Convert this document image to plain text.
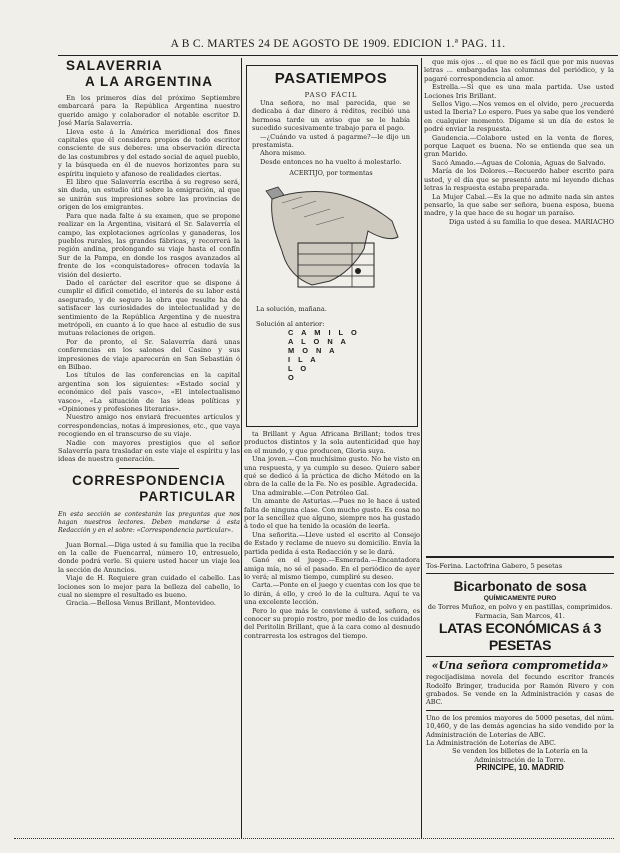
A B C. MARTES 24 DE AGOSTO DE 1909. EDICION 1.ª PAG. 11.
SALAVERRIA
A LA ARGENTINA

En los primeros días del próximo Septiembre embarcará para la República Argentina nuestro querido amigo y colaborador el notable escritor D. José María Salaverría.

Lleva este á la América meridional dos fines capitales que él considera propios de todo escritor consciente de sus deberes: una observación directa de las costumbres y del estado social de aquel pueblo, y la búsqueda en él de nuevos horizontes para su espíritu inquieto y afanoso de realidades ciertas.

El libro que Salaverría escriba á su regreso será, sin duda, un estudio útil sobre la emigración, al que se unirán sus impresiones sobre las provincias de origen de los emigrantes.

Para que nada falte á su examen, que se propone realizar en la Argentina, visitará el Sr. Salaverría el campo, las explotaciones agrícolas y ganaderas, los pueblos rurales, las grandes fábricas, y recorrerá la región andina, prolongando su viaje hasta el confín Sur de la Pampa, en donde los rasgos avanzados al frente de los «conquistadores» ofrecen todavía la visión del desierto.

Dado el carácter del escritor que se dispone á cumplir el difícil cometido, el interés de su labor está asegurado, y de seguro la obra que resulte ha de satisfacer las curiosidades de intelectualidad y de sentimiento de la República Argentina y de nuestra metrópoli, en cuanto á lo que hace al estudio de sus mutuas relaciones de origen.

Por de pronto, el Sr. Salaverría dará unas conferencias en los salones del Casino y sus impresiones de viaje aparecerán en San Sebastián ó en Bilbao.

Los títulos de las conferencias en la capital argentina son los siguientes: «Estado social y económico del país vasco», «El intelectualismo vasco», «La situación de las ideas políticas y «Opiniones y profesiones literarias».

Nuestro amigo nos enviará frecuentes artículos y correspondencias, notas á impresiones, etc., que vaya recogiendo en el transcurso de su viaje.

Nadie con mayores prestigios que el señor Salaverría para trasladar en este viaje el espíritu y las ideas de nuestra generación.

CORRESPONDENCIA
PARTICULAR

En esta sección se contestarán las preguntas que nos hagan nuestros lectores. Deben mandarse á esta Redacción y en el sobre: «Correspondencia particular».

Juan Bornal.—Diga usted á su familia que la reciba en la calle de Fuencarral, número 10, entresuelo, donde podrá verle. Si quiere usted hacer un viaje lea la sección de Anuncios.

Viaje de H. Requiere gran cuidado el cabello. Las lociones son lo mejor para la belleza del cabello, lo cual no siempre el resultado es bueno.

Gracia.—Bellosa Venus Brillant, Montevideo.

PASATIEMPOS
PASO FÁCIL

Una señora, no mal parecida, que se dedicaba á dar dinero á réditos, recibió una hermosa tarde un aviso que se le había sucedido sucesivamente trabajo para el pago.

—¿Cuándo va usted á pagarme?—le dijo un prestamista.

Ahora mismo.

Desde entonces no ha vuelto á molestarlo.

ACERTIJO, por tormentas
La solución, mañana.
Solución al anterior:
C A M I L O
A L O N A
M O N A
I L A
L O
O

ta Brillant y Agua Africana Brillant; todos tres productos distintos y la sola autenticidad que hay en el mundo, y que producen, Gloria suya.

Una joven.—Con muchísimo gusto. No he visto en una respuesta, y ya cumplo su deseo. Quiero saber qué se dedicó á la práctica de dicho Método en la obra de la calle de la Fe. No es posible. Agradecida.

Una admirable.—Con Petróleo Gal.

Un amante de Asturias.—Pues no le hace á usted falta de ninguna clase. Con mucho gusto. Es cosa no por la sencillez que alguno, siempre nos ha gustado á todo el que ha tenido la ocasión de leerla.

Una señorita.—Lleve usted el escrito al Consejo de Estado y reclame de nuevo su domicilio. Envía la partida pedida á esta Redacción y se le dará.

Ganó en el juego.—Esmerada.—Encantadora amiga mía, no sé el pasado. En el periódico de ayer lo verá; al mismo tiempo, cumpliré su deseo.

Carta.—Ponte en el juego y cuentas con los que te lo dirán, á ello, y creó lo de la cultura. Aquí te va una excelente lección.

Pero lo que más le conviene á usted, señora, es conocer su propio rostro, por medio de los cuidados del Peritolin Brillant, que á la cara como al desnudo contrarresta los estragos del tiempo.

que mis ojos ... el que no es fácil que por mis nuevas letras ... embargadas las columnas del periódico, y la pagaré correspondencia al amor.

Estrella.—Sí que es una mala partida. Use usted Lociones Iris Brillant.

Sellos Vigo.—Nos vemos en el olvido, pero ¿recuerda usted la Iberia? Lo espero. Pues ya sabe que los venderé en cualquier momento. Dígame si un día de estos le podré enviar la respuesta.

Gaudencia.—Colabore usted en la venta de flores, porque Laquet es buena. No se entienda que sea un gran Marido.

Sacó Amado.—Aguas de Colonia, Aguas de Salvado.

María de los Dolores.—Recuerdo haber escrito para usted, y el día que se presentó ante mí leyendo dichas letras la respuesta estaba preparada.

La Mujer Cabal.—Es la que no admite nada sin antes pensarlo, la que sabe ser señora, buena esposa, buena madre, y la que hace de su hogar un paraíso.

Diga usted á su familia lo que desea. MARIACHO

Tos-Ferina. Lactofrina Gabero, 5 pesetas
Bicarbonato de sosa
QUÍMICAMENTE PURO
de Torres Muñoz, en polvo y en pastillas, comprimidos. Farmacia, San Marcos, 41.
LATAS ECONÓMICAS á 3 PESETAS
«Una señora comprometida»
regocijadísima novela del fecundo escritor francés Rodolfo Bringer, traducida por Ramón Rivero y con grabados. Se vende en la Administración y casas de ABC.
Uno de los premios mayores de 5000 pesetas, del núm. 10,460, y de las demás agencias ha sido vendido por la Administración de Loterías de ABC.
La Administración de Loterías de ABC.
Se venden los billetes de la Lotería en la Administración de la Torre.
PRINCIPE, 10. MADRID
